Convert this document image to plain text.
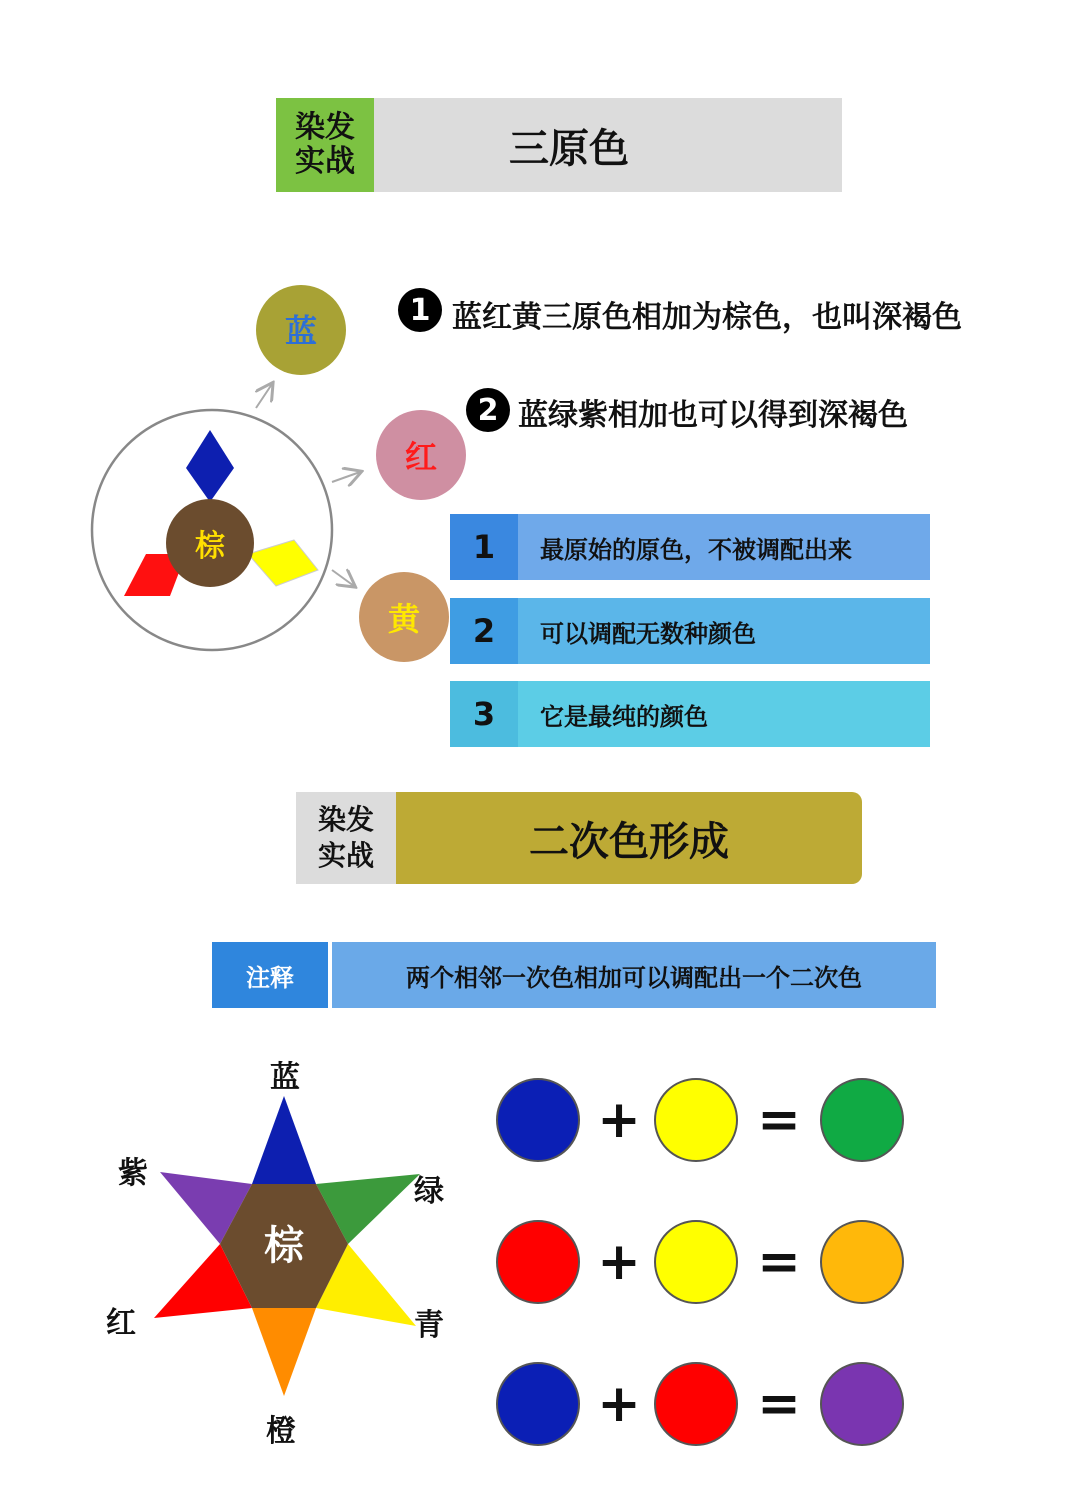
染发
实战	三原色
棕
蓝
红
黄
1 蓝红黄三原色相加为棕色，也叫深褐色
2 蓝绿紫相加也可以得到深褐色
1	最原始的原色，不被调配出来
2	可以调配无数种颜色
3	它是最纯的颜色
染发
实战	二次色形成
注释	两个相邻一次色相加可以调配出一个二次色
棕
蓝
绿
青
橙
红
紫
+ =
+ =
+ =
